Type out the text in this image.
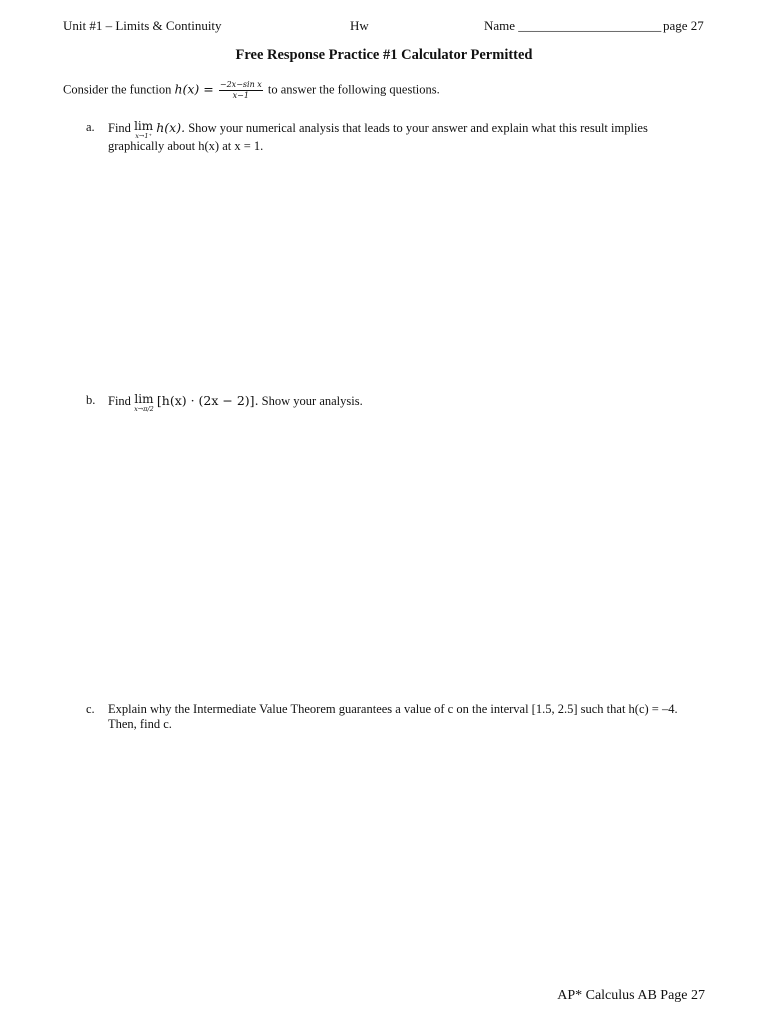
Unit #1 – Limits & Continuity	Hw	Name ______________________ page 27
Free Response Practice #1 Calculator Permitted
Consider the function $h(x) = \frac{\text{−2x−sin x}}{x-1}$ to answer the following questions.
a. Find lim
x→1⁺
h(x). Show your numerical analysis that leads to your answer and explain what this result implies
graphically about h(x) at x = 1.
b. Find lim
x→π/2
[h(x) · (2x − 2)]. Show your analysis.
c. Explain why the Intermediate Value Theorem guarantees a value of c on the interval [1.5, 2.5] such that h(c) = –4.
Then, find c.
AP* Calculus AB Page 27
